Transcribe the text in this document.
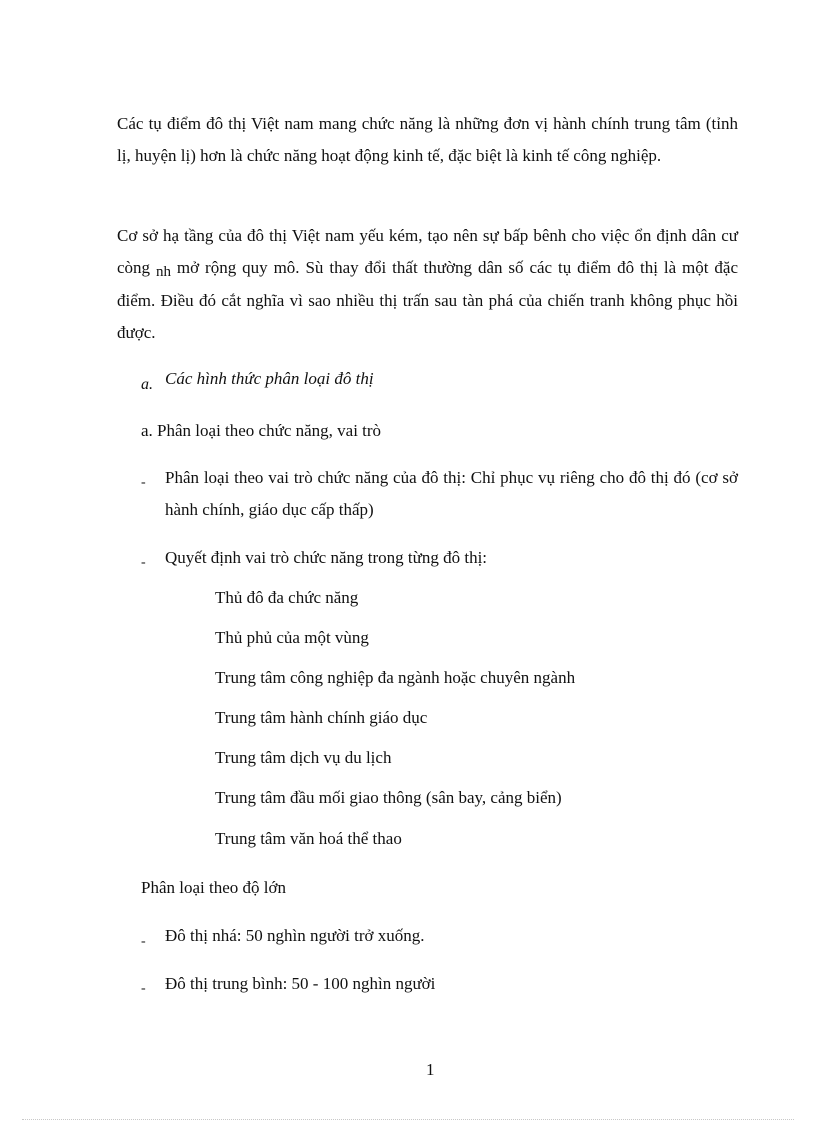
Các tụ điểm đô thị Việt nam mang chức năng là những đơn vị hành chính trung tâm (tỉnh lị, huyện lị) hơn là chức năng hoạt động kinh tế, đặc biệt là kinh tế công nghiệp.
Cơ sở hạ tầng của đô thị Việt nam yếu kém, tạo nên sự bấp bênh cho việc ổn định dân cư còng nh mở rộng quy mô. Sù thay đổi thất thường dân số các tụ điểm đô thị là một đặc điểm. Điều đó cắt nghĩa vì sao nhiều thị trấn sau tàn phá của chiến tranh không phục hồi được.
a. Các hình thức phân loại đô thị
a. Phân loại theo chức năng, vai trò
- Phân loại theo vai trò chức năng của đô thị: Chỉ phục vụ riêng cho đô thị đó (cơ sở hành chính, giáo dục cấp thấp)
- Quyết định vai trò chức năng trong từng đô thị:
Thủ đô đa chức năng
Thủ phủ của một vùng
Trung tâm công nghiệp đa ngành hoặc chuyên ngành
Trung tâm hành chính giáo dục
Trung tâm dịch vụ du lịch
Trung tâm đầu mối giao thông (sân bay, cảng biển)
Trung tâm văn hoá thể thao
Phân loại theo độ lớn
- Đô thị nhá: 50 nghìn người trở xuống.
- Đô thị trung bình: 50 - 100 nghìn người
1
